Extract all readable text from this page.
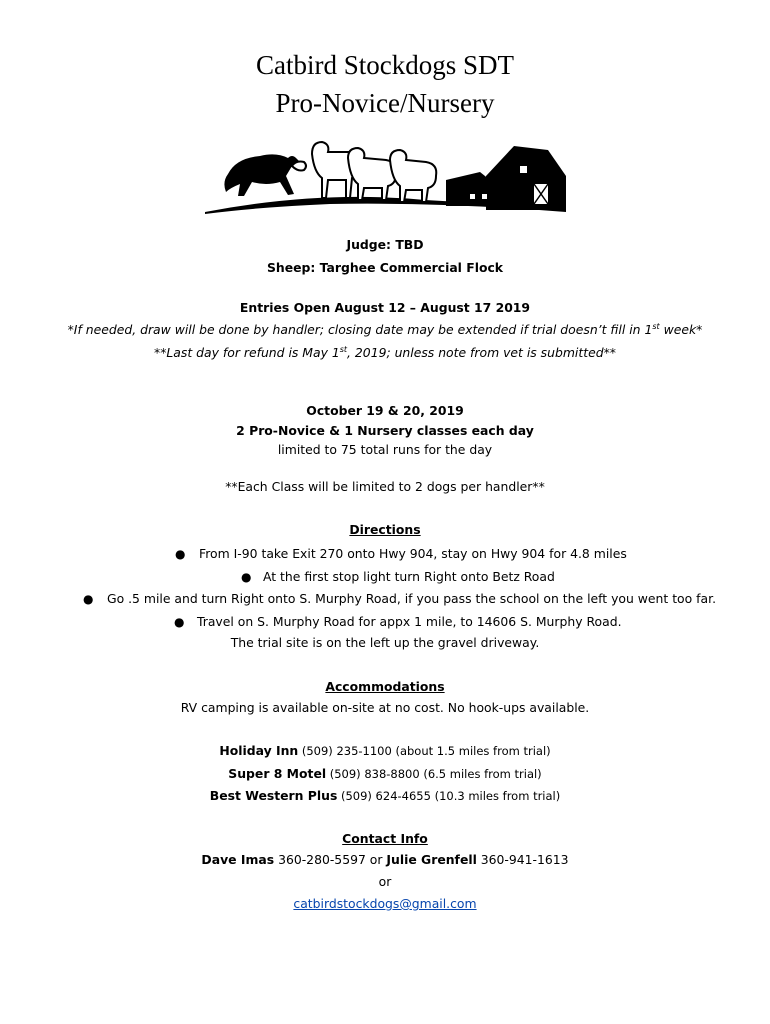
Catbird Stockdogs SDT
Pro-Novice/Nursery
Judge: TBD
Sheep: Targhee Commercial Flock
Entries Open August 12 – August 17 2019
*If needed, draw will be done by handler; closing date may be extended if trial doesn’t fill in 1st week*
**Last day for refund is May 1st, 2019; unless note from vet is submitted**
October 19 & 20, 2019
2 Pro-Novice & 1 Nursery classes each day
limited to 75 total runs for the day
**Each Class will be limited to 2 dogs per handler**
Directions
● From I-90 take Exit 270 onto Hwy 904, stay on Hwy 904 for 4.8 miles
● At the first stop light turn Right onto Betz Road
● Go .5 mile and turn Right onto S. Murphy Road, if you pass the school on the left you went too far.
● Travel on S. Murphy Road for appx 1 mile, to 14606 S. Murphy Road.
The trial site is on the left up the gravel driveway.
Accommodations
RV camping is available on-site at no cost. No hook-ups available.
Holiday Inn (509) 235-1100 (about 1.5 miles from trial)
Super 8 Motel (509) 838-8800 (6.5 miles from trial)
Best Western Plus (509) 624-4655 (10.3 miles from trial)
Contact Info
Dave Imas 360-280-5597 or Julie Grenfell 360-941-1613
or
catbirdstockdogs@gmail.com
